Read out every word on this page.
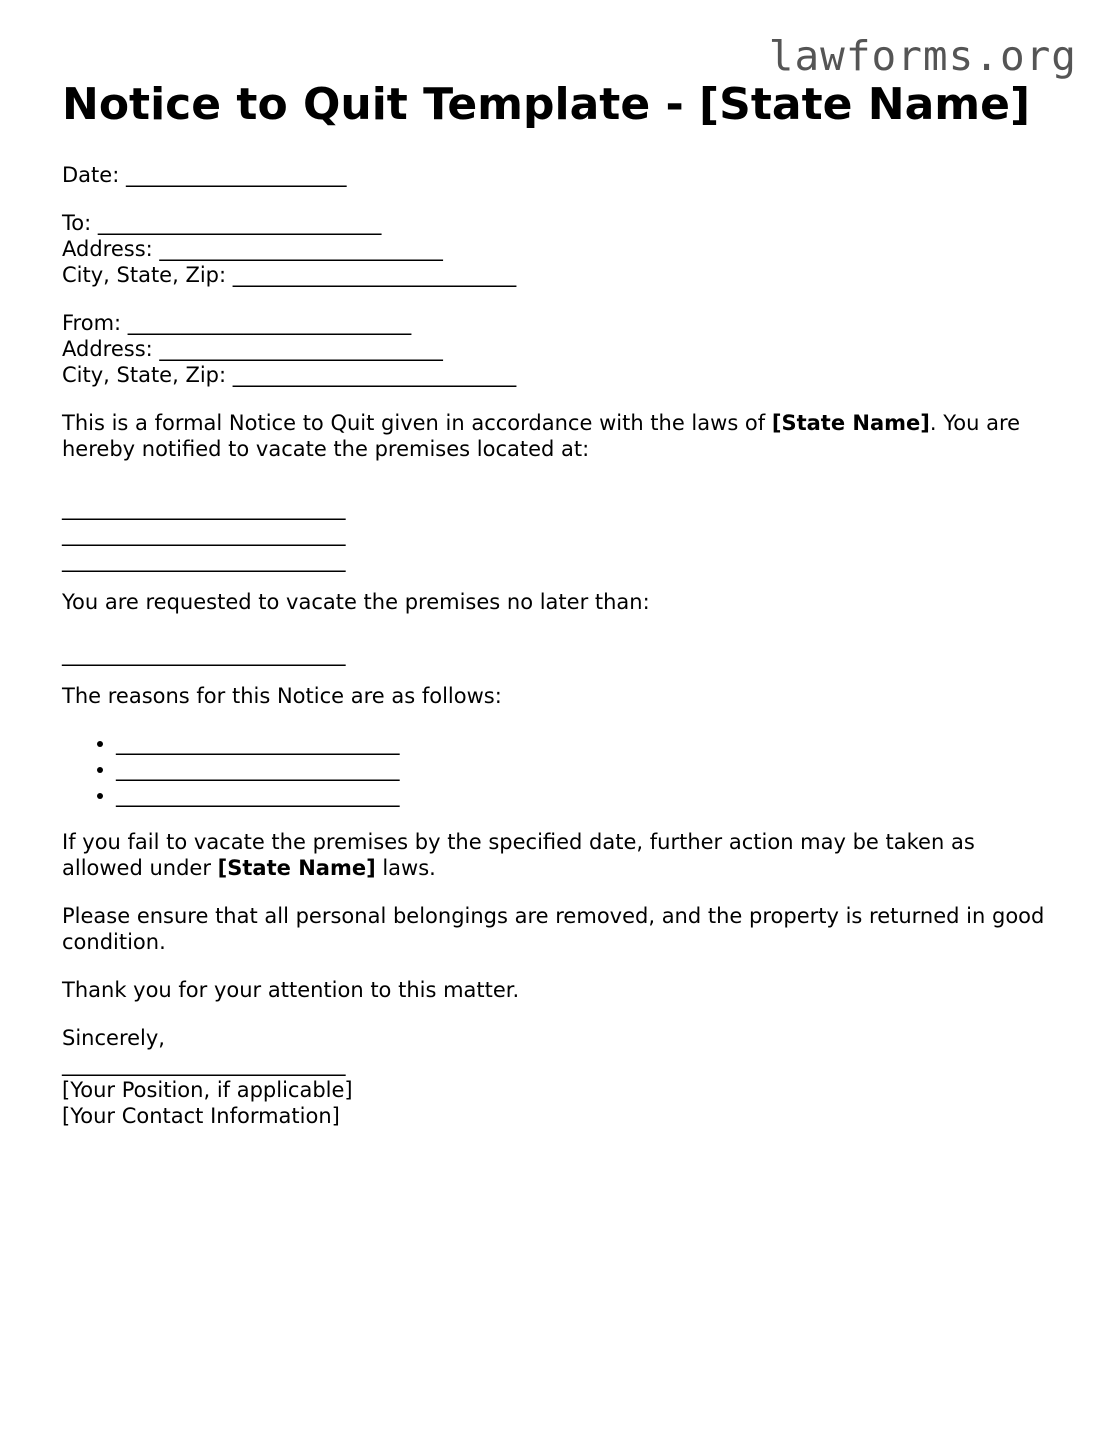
lawforms.org
Notice to Quit Template - [State Name]

Date: _____________________

To: ___________________________
Address: ___________________________
City, State, Zip: ___________________________
From: ___________________________
Address: ___________________________
City, State, Zip: ___________________________

This is a formal Notice to Quit given in accordance with the laws of [State Name]. You are hereby notified to vacate the premises located at:

___________________________
___________________________
___________________________

You are requested to vacate the premises no later than:

___________________________

The reasons for this Notice are as follows:

• ___________________________
• ___________________________
• ___________________________

If you fail to vacate the premises by the specified date, further action may be taken as allowed under [State Name] laws.

Please ensure that all personal belongings are removed, and the property is returned in good condition.

Thank you for your attention to this matter.

Sincerely,

___________________________
[Your Position, if applicable]
[Your Contact Information]
